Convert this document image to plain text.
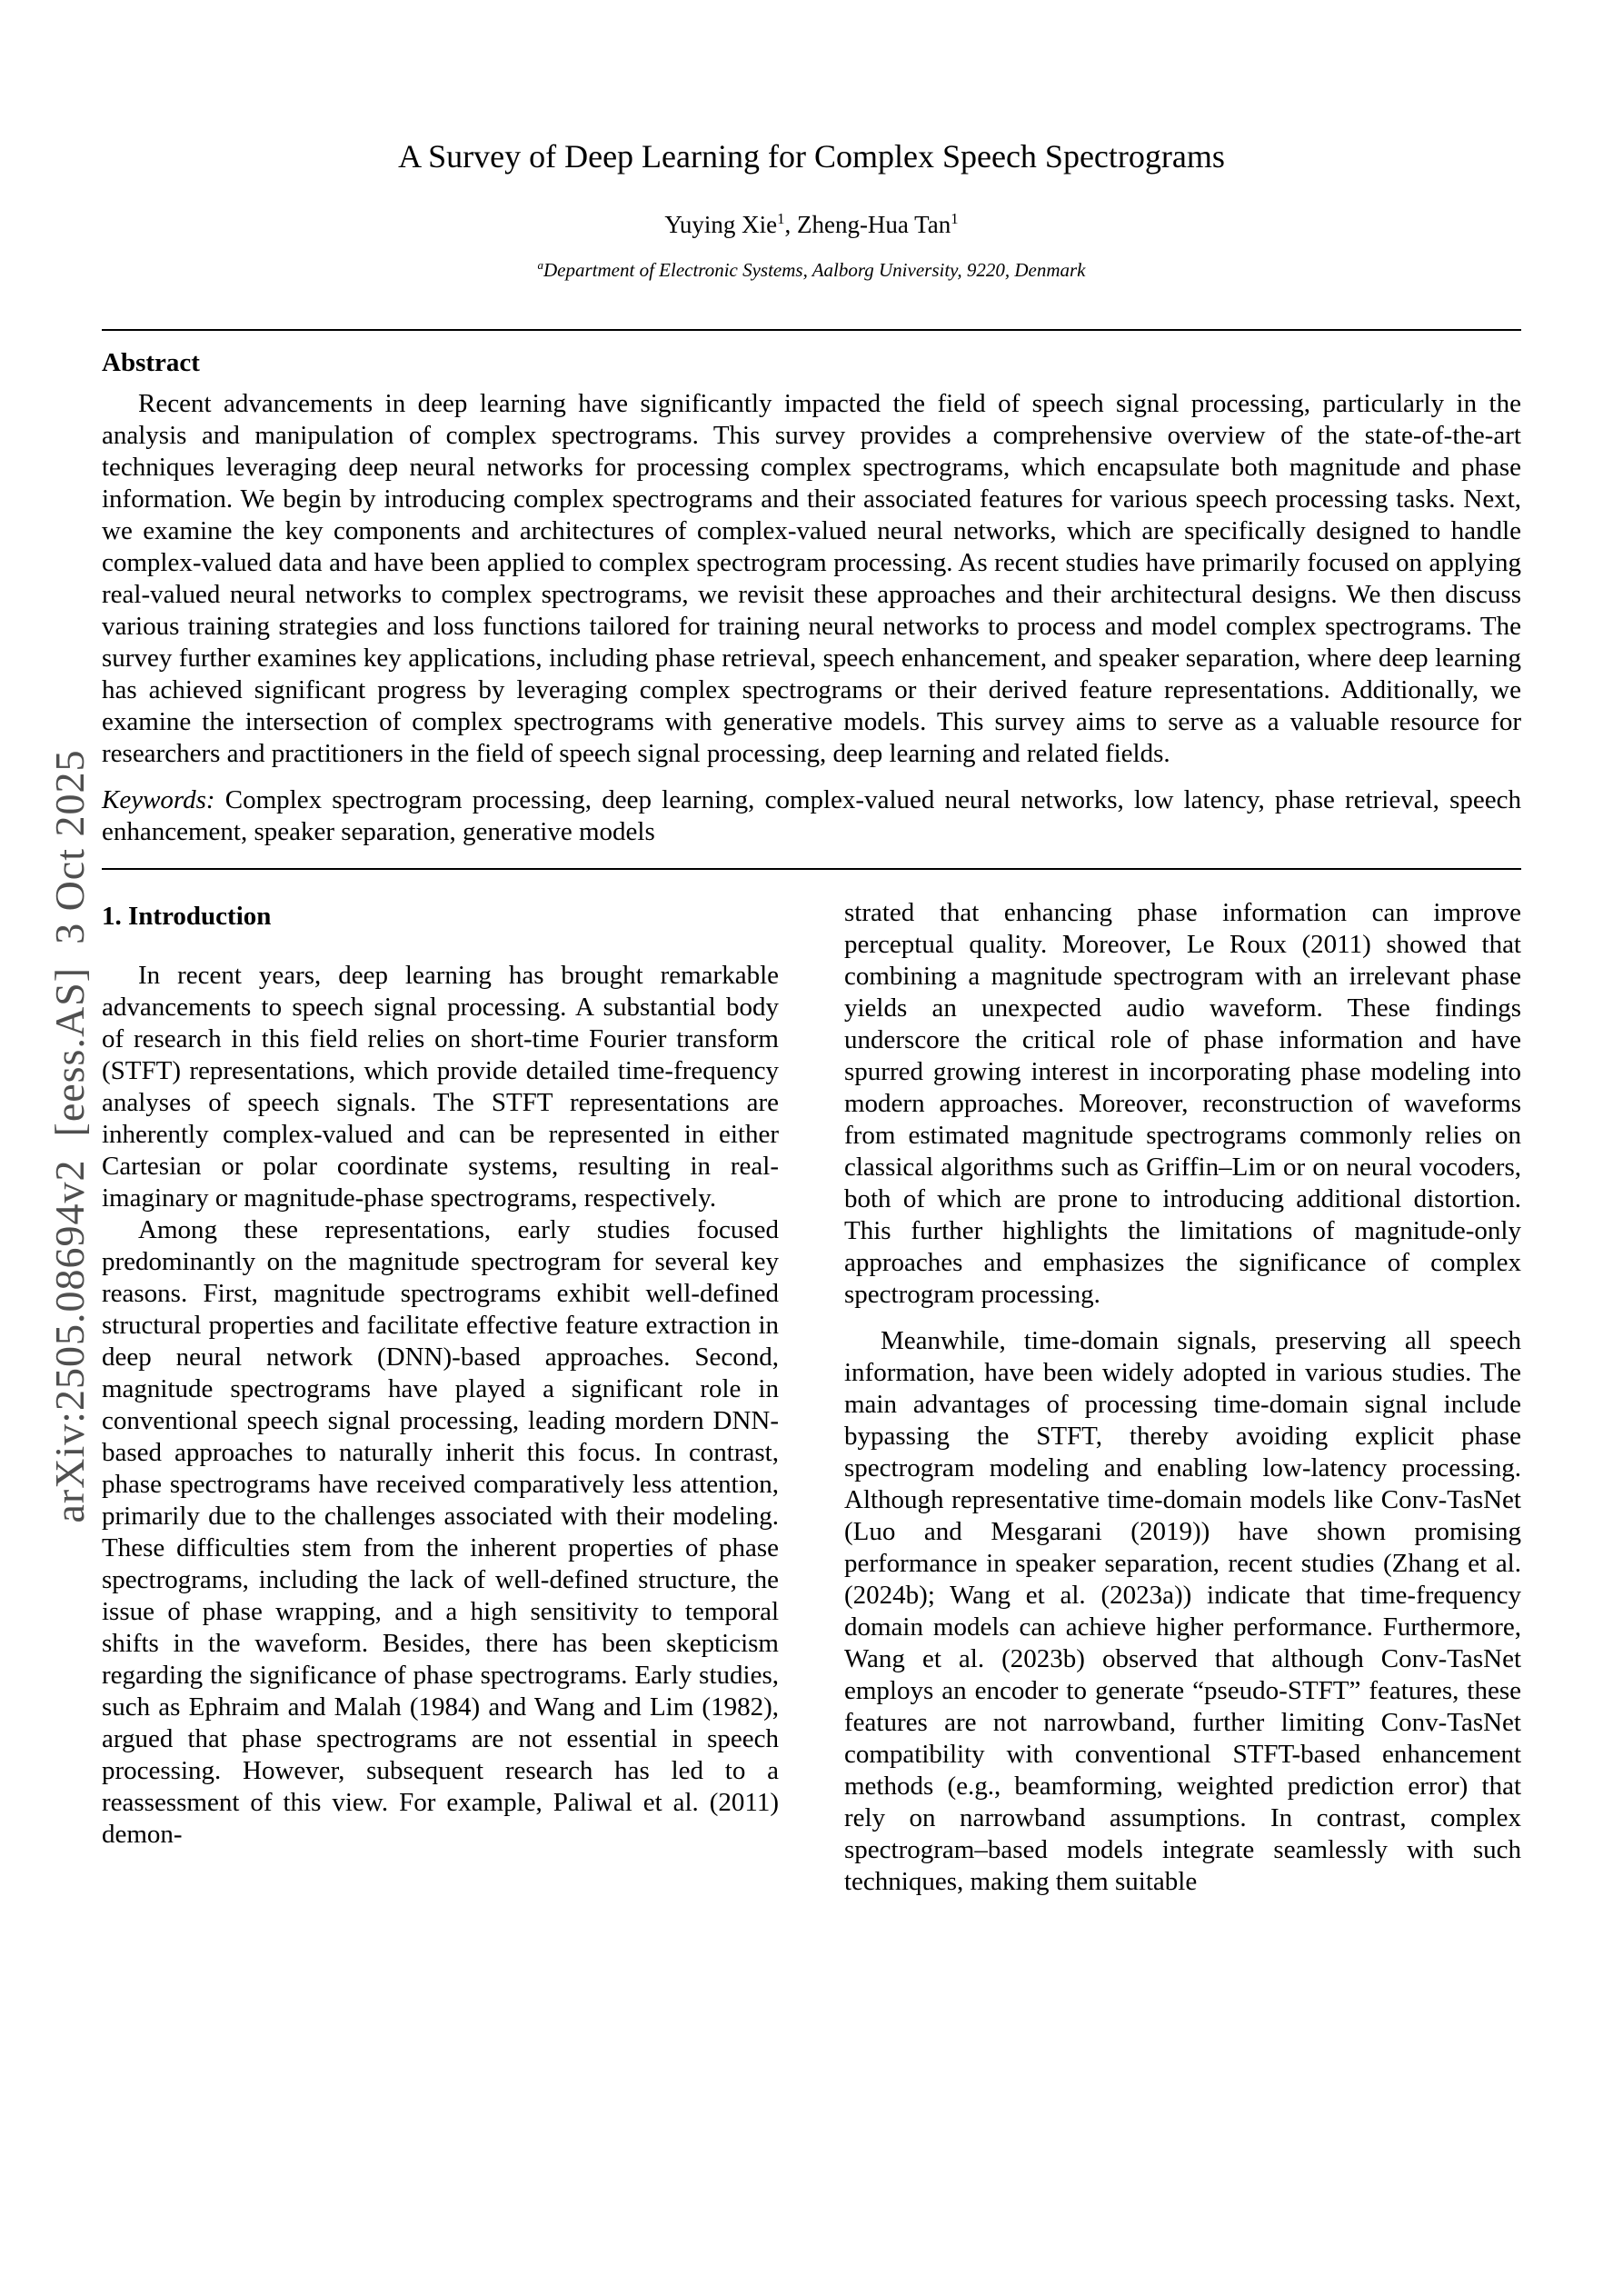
arXiv:2505.08694v2  [eess.AS]  3 Oct 2025
A Survey of Deep Learning for Complex Speech Spectrograms
Yuying Xie$^1$, Zheng-Hua Tan$^1$
$^a$Department of Electronic Systems, Aalborg University, 9220, Denmark
Abstract

Recent advancements in deep learning have significantly impacted the field of speech signal processing, particularly in the analysis and manipulation of complex spectrograms. This survey provides a comprehensive overview of the state-of-the-art techniques leveraging deep neural networks for processing complex spectrograms, which encapsulate both magnitude and phase information. We begin by introducing complex spectrograms and their associated features for various speech processing tasks. Next, we examine the key components and architectures of complex-valued neural networks, which are specifically designed to handle complex-valued data and have been applied to complex spectrogram processing. As recent studies have primarily focused on applying real-valued neural networks to complex spectrograms, we revisit these approaches and their architectural designs. We then discuss various training strategies and loss functions tailored for training neural networks to process and model complex spectrograms. The survey further examines key applications, including phase retrieval, speech enhancement, and speaker separation, where deep learning has achieved significant progress by leveraging complex spectrograms or their derived feature representations. Additionally, we examine the intersection of complex spectrograms with generative models. This survey aims to serve as a valuable resource for researchers and practitioners in the field of speech signal processing, deep learning and related fields.

Keywords: Complex spectrogram processing, deep learning, complex-valued neural networks, low latency, phase retrieval, speech enhancement, speaker separation, generative models

1. Introduction

In recent years, deep learning has brought remarkable advancements to speech signal processing. A substantial body of research in this field relies on short-time Fourier transform (STFT) representations, which provide detailed time-frequency analyses of speech signals. The STFT representations are inherently complex-valued and can be represented in either Cartesian or polar coordinate systems, resulting in real-imaginary or magnitude-phase spectrograms, respectively.

Among these representations, early studies focused predominantly on the magnitude spectrogram for several key reasons. First, magnitude spectrograms exhibit well-defined structural properties and facilitate effective feature extraction in deep neural network (DNN)-based approaches. Second, magnitude spectrograms have played a significant role in conventional speech signal processing, leading mordern DNN-based approaches to naturally inherit this focus. In contrast, phase spectrograms have received comparatively less attention, primarily due to the challenges associated with their modeling. These difficulties stem from the inherent properties of phase spectrograms, including the lack of well-defined structure, the issue of phase wrapping, and a high sensitivity to temporal shifts in the waveform. Besides, there has been skepticism regarding the significance of phase spectrograms. Early studies, such as Ephraim and Malah (1984) and Wang and Lim (1982), argued that phase spectrograms are not essential in speech processing. However, subsequent research has led to a reassessment of this view. For example, Paliwal et al. (2011) demon-

strated that enhancing phase information can improve perceptual quality. Moreover, Le Roux (2011) showed that combining a magnitude spectrogram with an irrelevant phase yields an unexpected audio waveform. These findings underscore the critical role of phase information and have spurred growing interest in incorporating phase modeling into modern approaches. Moreover, reconstruction of waveforms from estimated magnitude spectrograms commonly relies on classical algorithms such as Griffin–Lim or on neural vocoders, both of which are prone to introducing additional distortion. This further highlights the limitations of magnitude-only approaches and emphasizes the significance of complex spectrogram processing.

Meanwhile, time-domain signals, preserving all speech information, have been widely adopted in various studies. The main advantages of processing time-domain signal include bypassing the STFT, thereby avoiding explicit phase spectrogram modeling and enabling low-latency processing. Although representative time-domain models like Conv-TasNet (Luo and Mesgarani (2019)) have shown promising performance in speaker separation, recent studies (Zhang et al. (2024b); Wang et al. (2023a)) indicate that time-frequency domain models can achieve higher performance. Furthermore, Wang et al. (2023b) observed that although Conv-TasNet employs an encoder to generate “pseudo-STFT” features, these features are not narrowband, further limiting Conv-TasNet compatibility with conventional STFT-based enhancement methods (e.g., beamforming, weighted prediction error) that rely on narrowband assumptions. In contrast, complex spectrogram–based models integrate seamlessly with such techniques, making them suitable
